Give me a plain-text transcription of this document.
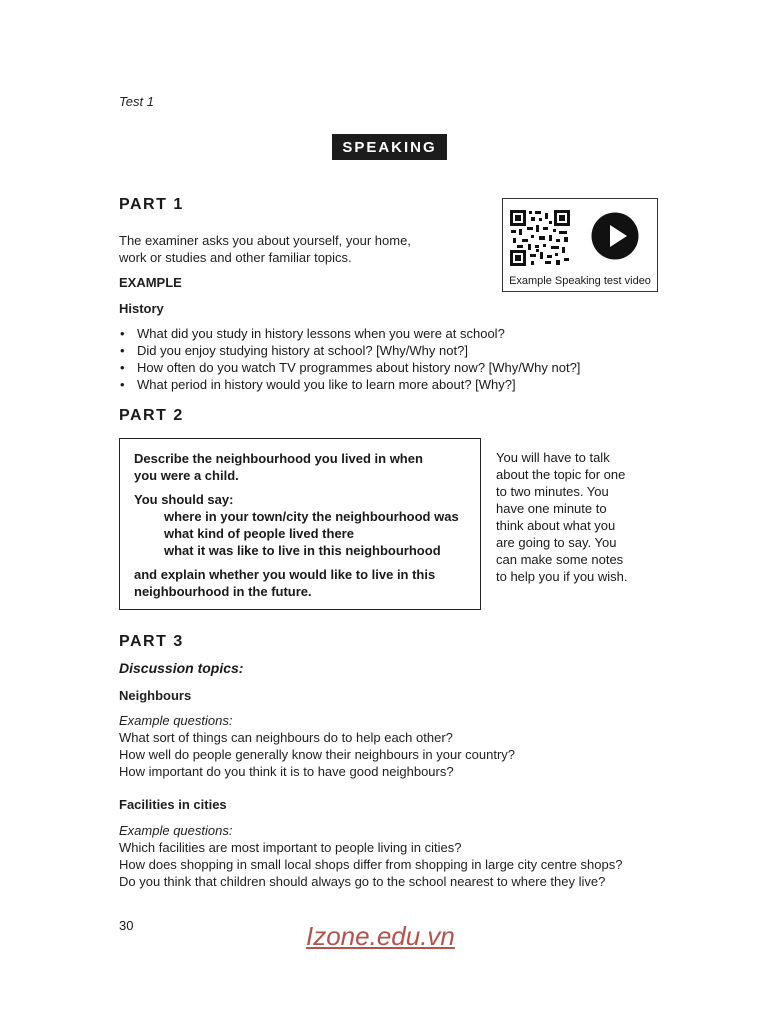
Test 1
SPEAKING
PART 1
The examiner asks you about yourself, your home,
work or studies and other familiar topics.
EXAMPLE
History
Example Speaking test video
• What did you study in history lessons when you were at school?
• Did you enjoy studying history at school? [Why/Why not?]
• How often do you watch TV programmes about history now? [Why/Why not?]
• What period in history would you like to learn more about? [Why?]
PART 2
Describe the neighbourhood you lived in when
you were a child.
You should say:
where in your town/city the neighbourhood was
what kind of people lived there
what it was like to live in this neighbourhood
and explain whether you would like to live in this
neighbourhood in the future.
You will have to talk
about the topic for one
to two minutes. You
have one minute to
think about what you
are going to say. You
can make some notes
to help you if you wish.
PART 3
Discussion topics:
Neighbours
Example questions:
What sort of things can neighbours do to help each other?
How well do people generally know their neighbours in your country?
How important do you think it is to have good neighbours?
Facilities in cities
Example questions:
Which facilities are most important to people living in cities?
How does shopping in small local shops differ from shopping in large city centre shops?
Do you think that children should always go to the school nearest to where they live?
30	Izone.edu.vn
